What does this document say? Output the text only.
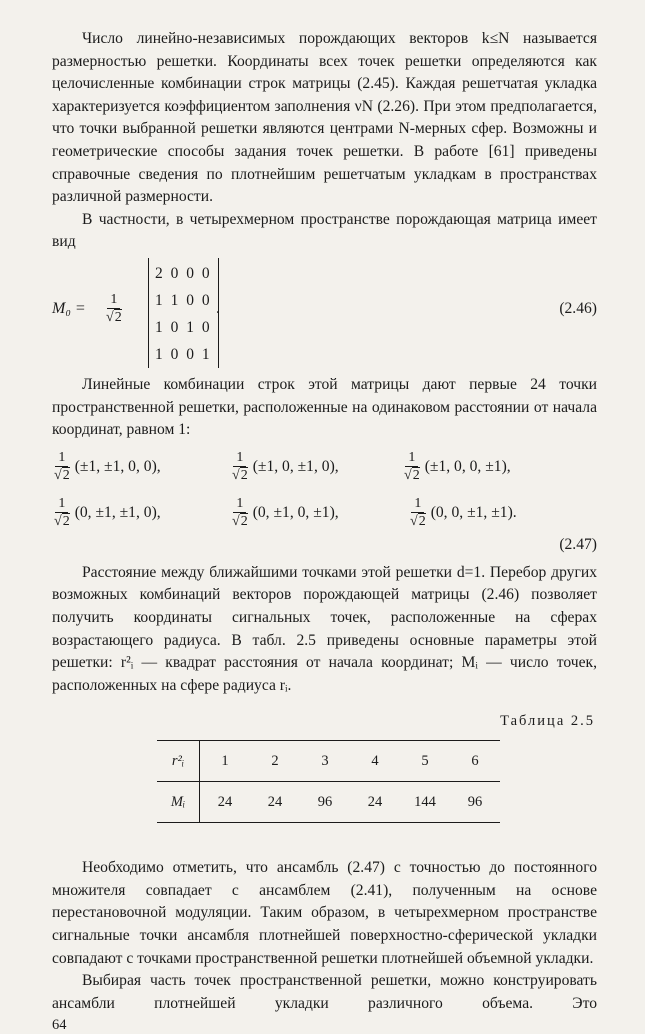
Число линейно-независимых порождающих векторов k≤N называется размерностью решетки. Координаты всех точек решетки определяются как целочисленные комбинации строк матрицы (2.45). Каждая решетчатая укладка характеризуется коэффициентом заполнения νN (2.26). При этом предполагается, что точки выбранной решетки являются центрами N-мерных сфер. Возможны и геометрические способы задания точек решетки. В работе [61] приведены справочные сведения по плотнейшим решетчатым укладкам в пространствах различной размерности.

В частности, в четырехмерном пространстве порождающая матрица имеет вид

$M_0 = \frac{1}{√2}$
2 0 0 0
1 1 0 0
1 0 1 0
1 0 0 1
.	(2.46)

Линейные комбинации строк этой матрицы дают первые 24 точки пространственной решетки, расположенные на одинаковом расстоянии от начала координат, равном 1:

$\frac{1}{√2} (\pm 1$, ±1, 0, 0),	$\frac{1}{√2} (\pm 1$, 0, ±1, 0),	$\frac{1}{√2} (\pm 1$, 0, 0, ±1),
$\frac{1}{√2} (0$, ±1, ±1, 0),	$\frac{1}{√2} (0$, ±1, 0, ±1),	$\frac{1}{√2} (0$, 0, ±1, ±1).
(2.47)

Расстояние между ближайшими точками этой решетки d=1. Перебор других возможных комбинаций векторов порождающей матрицы (2.46) позволяет получить координаты сигнальных точек, расположенные на сферах возрастающего радиуса. В табл. 2.5 приведены основные параметры этой решетки: r²ᵢ — квадрат расстояния от начала координат; Mᵢ — число точек, расположенных на сфере радиуса rᵢ.

Таблица 2.5
r²ᵢ	1	2	3	4	5	6
Mᵢ	24	24	96	24	144	96

Необходимо отметить, что ансамбль (2.47) с точностью до постоянного множителя совпадает с ансамблем (2.41), полученным на основе перестановочной модуляции. Таким образом, в четырехмерном пространстве сигнальные точки ансамбля плотнейшей поверхностно-сферической укладки совпадают с точками пространственной решетки плотнейшей объемной укладки.

Выбирая часть точек пространственной решетки, можно конструировать ансамбли плотнейшей укладки различного объема. Это

64
